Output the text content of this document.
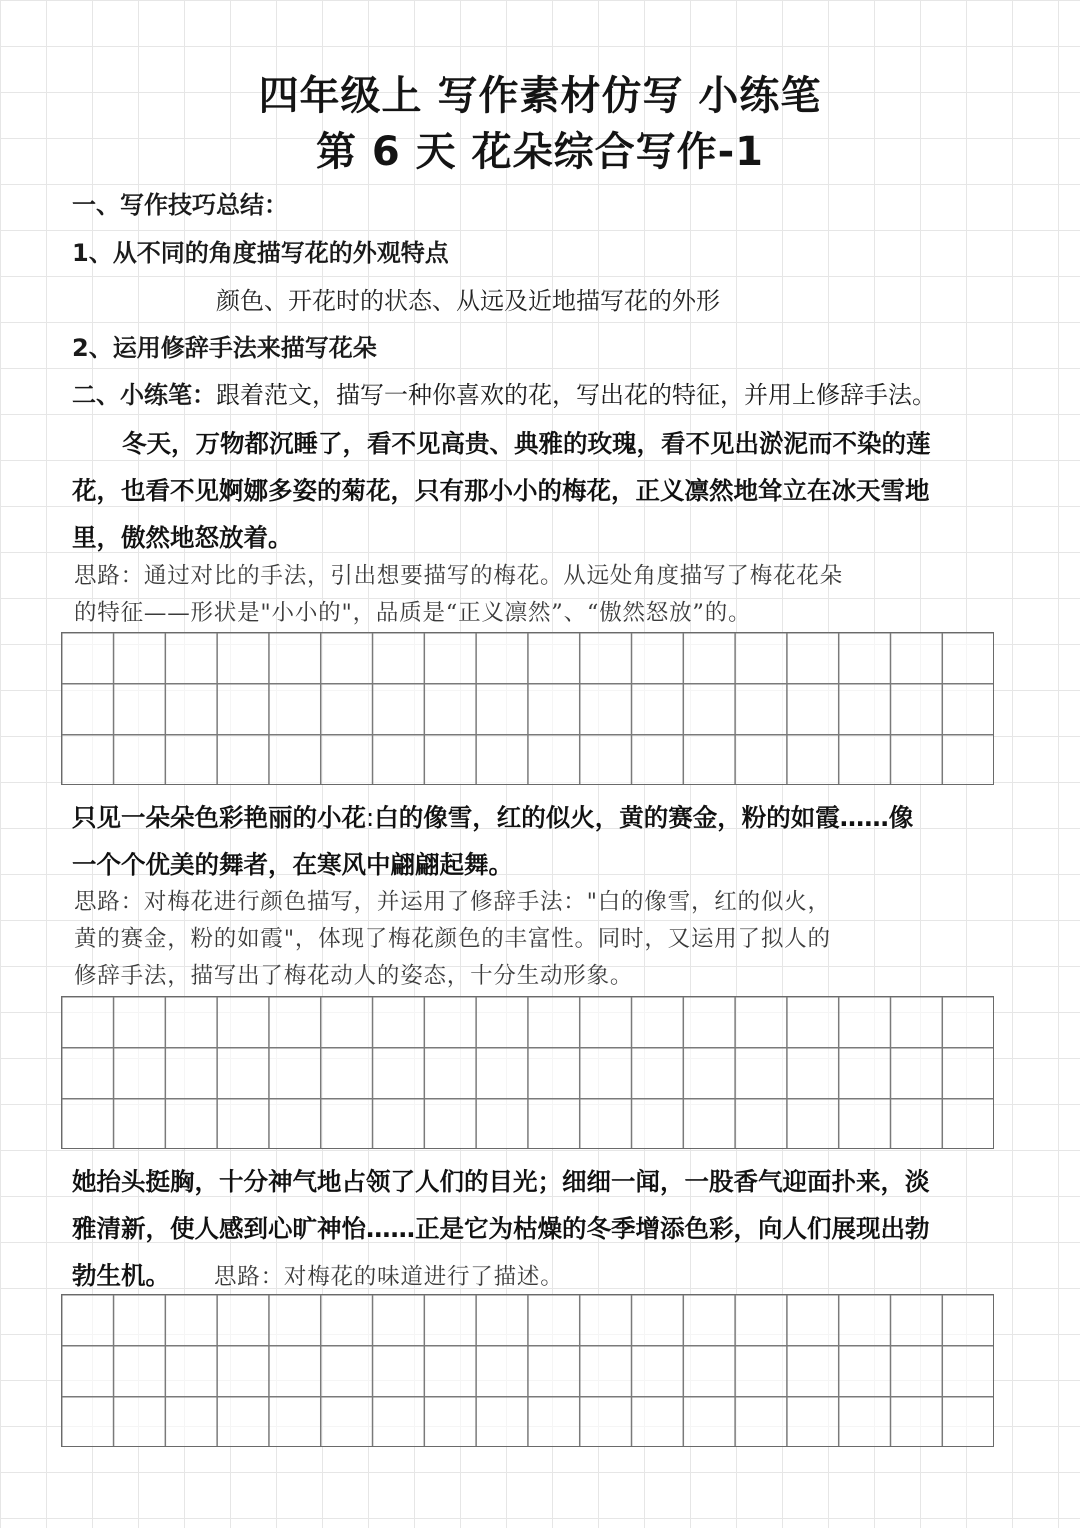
四年级上 写作素材仿写 小练笔
第 6 天 花朵综合写作-1
一、写作技巧总结：
1、从不同的角度描写花的外观特点
颜色、开花时的状态、从远及近地描写花的外形
2、运用修辞手法来描写花朵
二、小练笔：跟着范文，描写一种你喜欢的花，写出花的特征，并用上修辞手法。

冬天，万物都沉睡了，看不见高贵、典雅的玫瑰，看不见出淤泥而不染的莲

花，也看不见婀娜多姿的菊花，只有那小小的梅花，正义凛然地耸立在冰天雪地

里，傲然地怒放着。

思路：通过对比的手法，引出想要描写的梅花。从远处角度描写了梅花花朵

的特征——形状是"小小的"，品质是“正义凛然”、“傲然怒放”的。

只见一朵朵色彩艳丽的小花:白的像雪，红的似火，黄的赛金，粉的如霞……像

一个个优美的舞者，在寒风中翩翩起舞。

思路：对梅花进行颜色描写，并运用了修辞手法："白的像雪，红的似火，

黄的赛金，粉的如霞"，体现了梅花颜色的丰富性。同时，又运用了拟人的

修辞手法，描写出了梅花动人的姿态，十分生动形象。

她抬头挺胸，十分神气地占领了人们的目光；细细一闻，一股香气迎面扑来，淡

雅清新，使人感到心旷神怡……正是它为枯燥的冬季增添色彩，向人们展现出勃

勃生机。 思路：对梅花的味道进行了描述。
